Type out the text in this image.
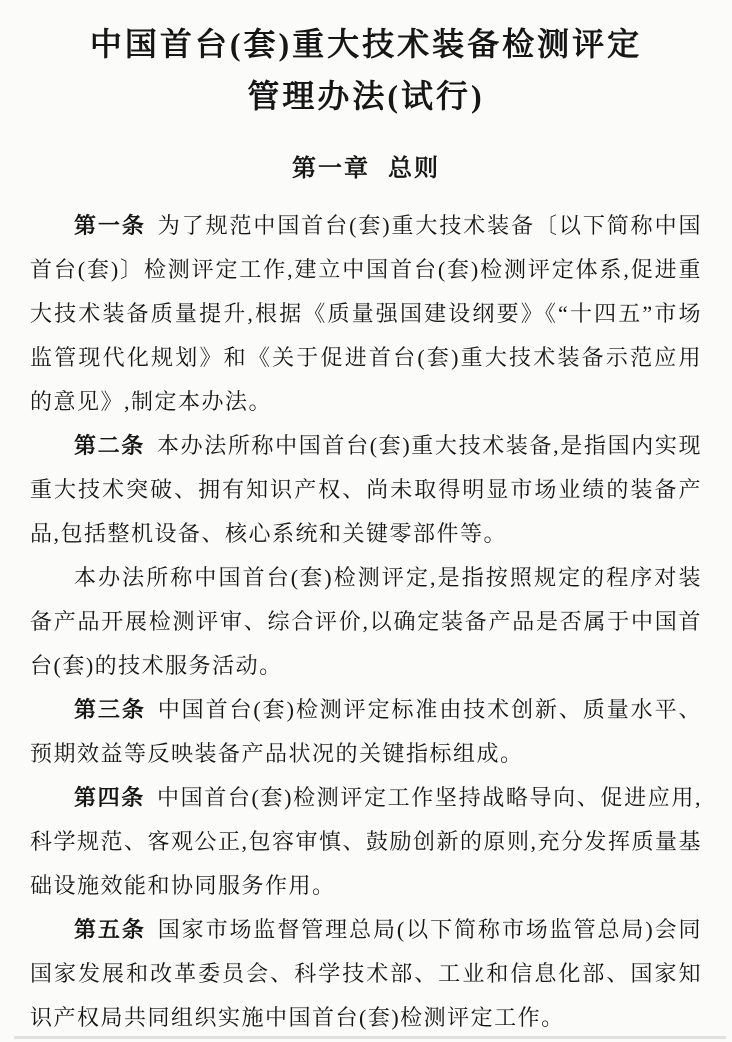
中国首台(套)重大技术装备检测评定
管理办法(试行)
第一章 总则

第一条 为了规范中国首台(套)重大技术装备〔以下简称中国首台(套)〕检测评定工作,建立中国首台(套)检测评定体系,促进重大技术装备质量提升,根据《质量强国建设纲要》《“十四五”市场监管现代化规划》和《关于促进首台(套)重大技术装备示范应用的意见》,制定本办法。

第二条 本办法所称中国首台(套)重大技术装备,是指国内实现重大技术突破、拥有知识产权、尚未取得明显市场业绩的装备产品,包括整机设备、核心系统和关键零部件等。

本办法所称中国首台(套)检测评定,是指按照规定的程序对装备产品开展检测评审、综合评价,以确定装备产品是否属于中国首台(套)的技术服务活动。

第三条 中国首台(套)检测评定标准由技术创新、质量水平、预期效益等反映装备产品状况的关键指标组成。

第四条 中国首台(套)检测评定工作坚持战略导向、促进应用,科学规范、客观公正,包容审慎、鼓励创新的原则,充分发挥质量基础设施效能和协同服务作用。

第五条 国家市场监督管理总局(以下简称市场监管总局)会同国家发展和改革委员会、科学技术部、工业和信息化部、国家知识产权局共同组织实施中国首台(套)检测评定工作。
